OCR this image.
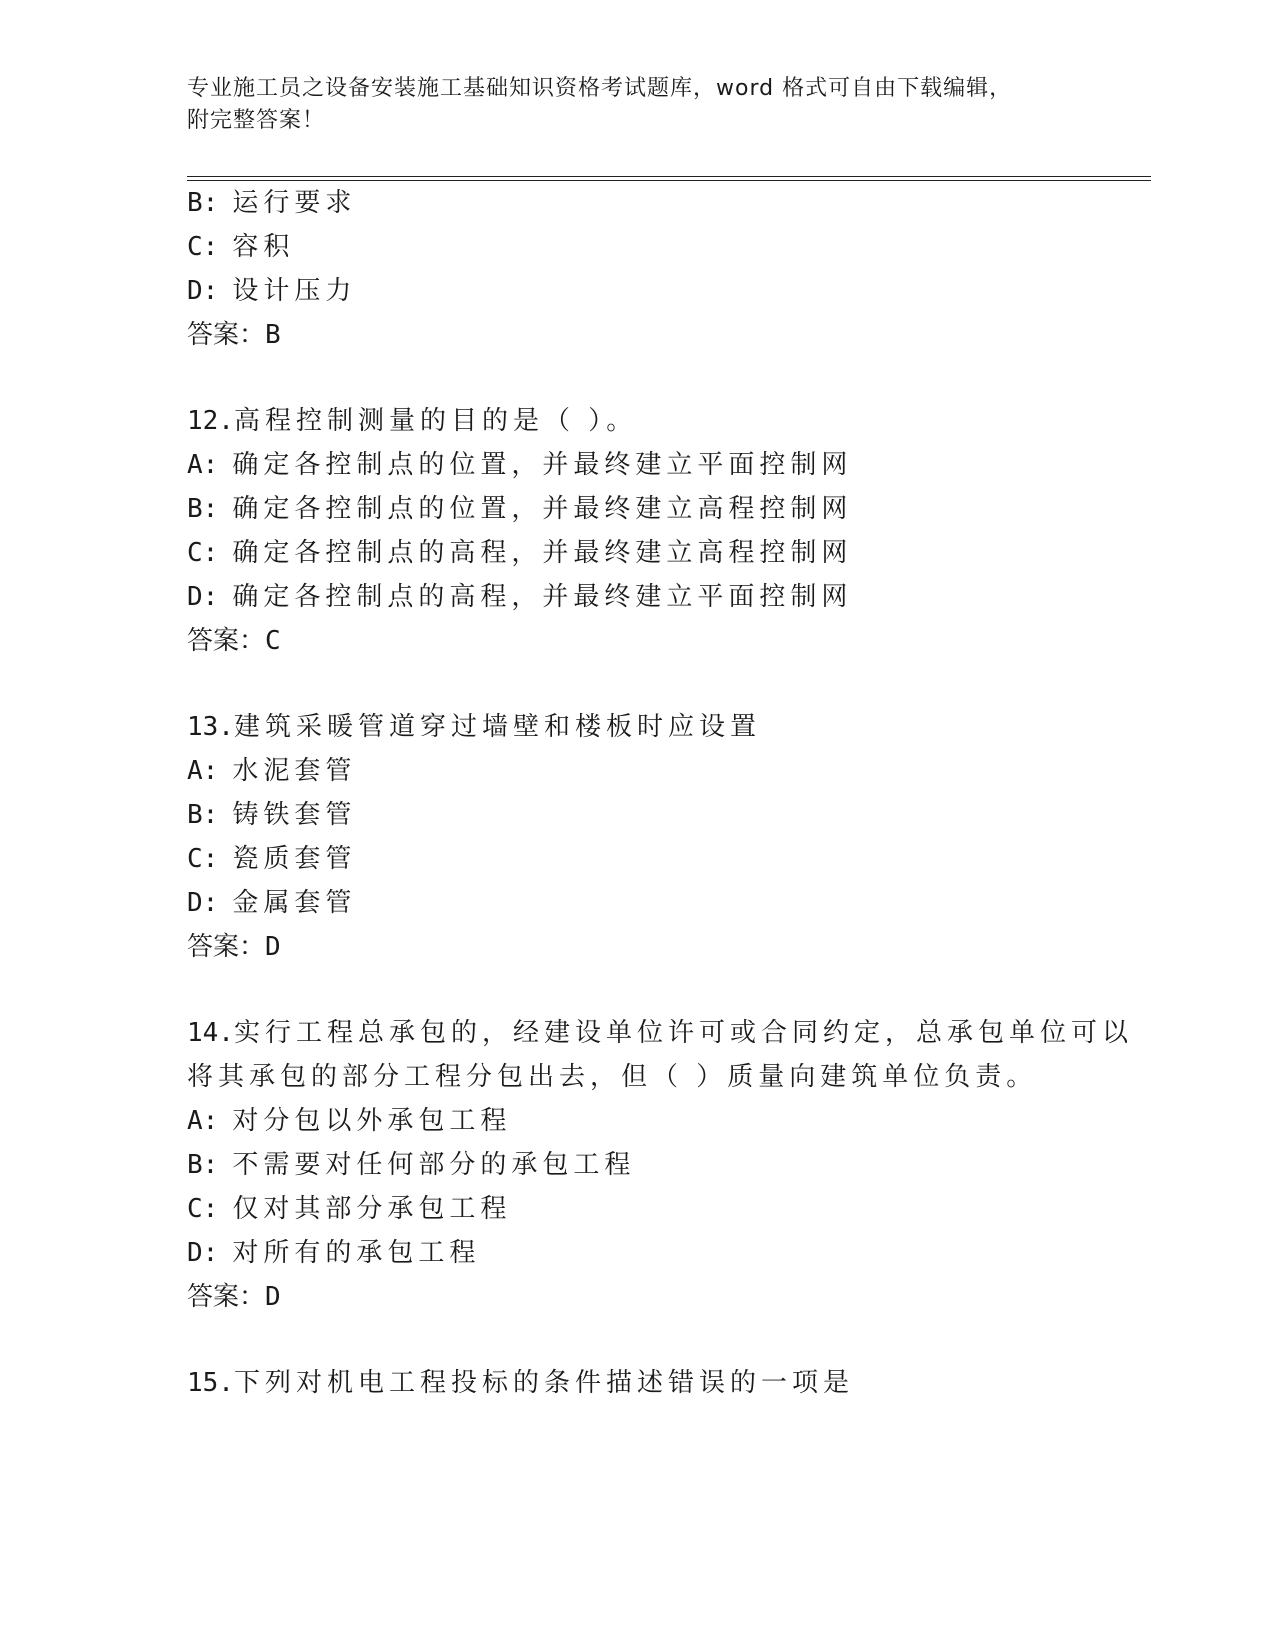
专业施工员之设备安装施工基础知识资格考试题库，word 格式可自由下载编辑，
附完整答案！
B: 运行要求
C: 容积
D: 设计压力
答案：B
12.高程控制测量的目的是（ ）。
A: 确定各控制点的位置，并最终建立平面控制网
B: 确定各控制点的位置，并最终建立高程控制网
C: 确定各控制点的高程，并最终建立高程控制网
D: 确定各控制点的高程，并最终建立平面控制网
答案：C
13.建筑采暖管道穿过墙壁和楼板时应设置
A: 水泥套管
B: 铸铁套管
C: 瓷质套管
D: 金属套管
答案：D
14.实行工程总承包的，经建设单位许可或合同约定，总承包单位可以
将其承包的部分工程分包出去，但（ ）质量向建筑单位负责。
A: 对分包以外承包工程
B: 不需要对任何部分的承包工程
C: 仅对其部分承包工程
D: 对所有的承包工程
答案：D
15.下列对机电工程投标的条件描述错误的一项是
